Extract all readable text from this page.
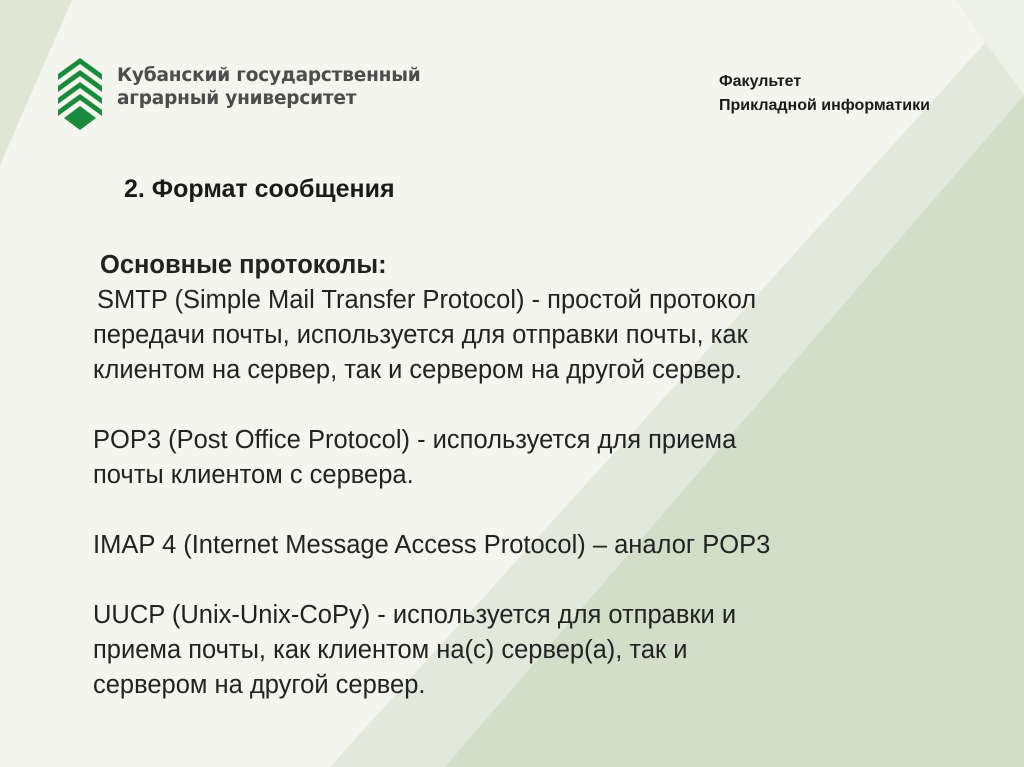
Кубанский государственный
аграрный университет
Факультет
Прикладной информатики
2. Формат сообщения
Основные протоколы:
SMTP (Simple Mail Transfer Protocol) - простой протокол
передачи почты, используется для отправки почты, как
клиентом на сервер, так и сервером на другой сервер.
POP3 (Post Office Protocol) - используется для приема
почты клиентом с сервера.
IMAP 4 (Internet Message Access Protocol) – аналог POP3
UUCP (Unix-Unix-CoPy) - используется для отправки и
приема почты, как клиентом на(с) сервер(а), так и
сервером на другой сервер.
